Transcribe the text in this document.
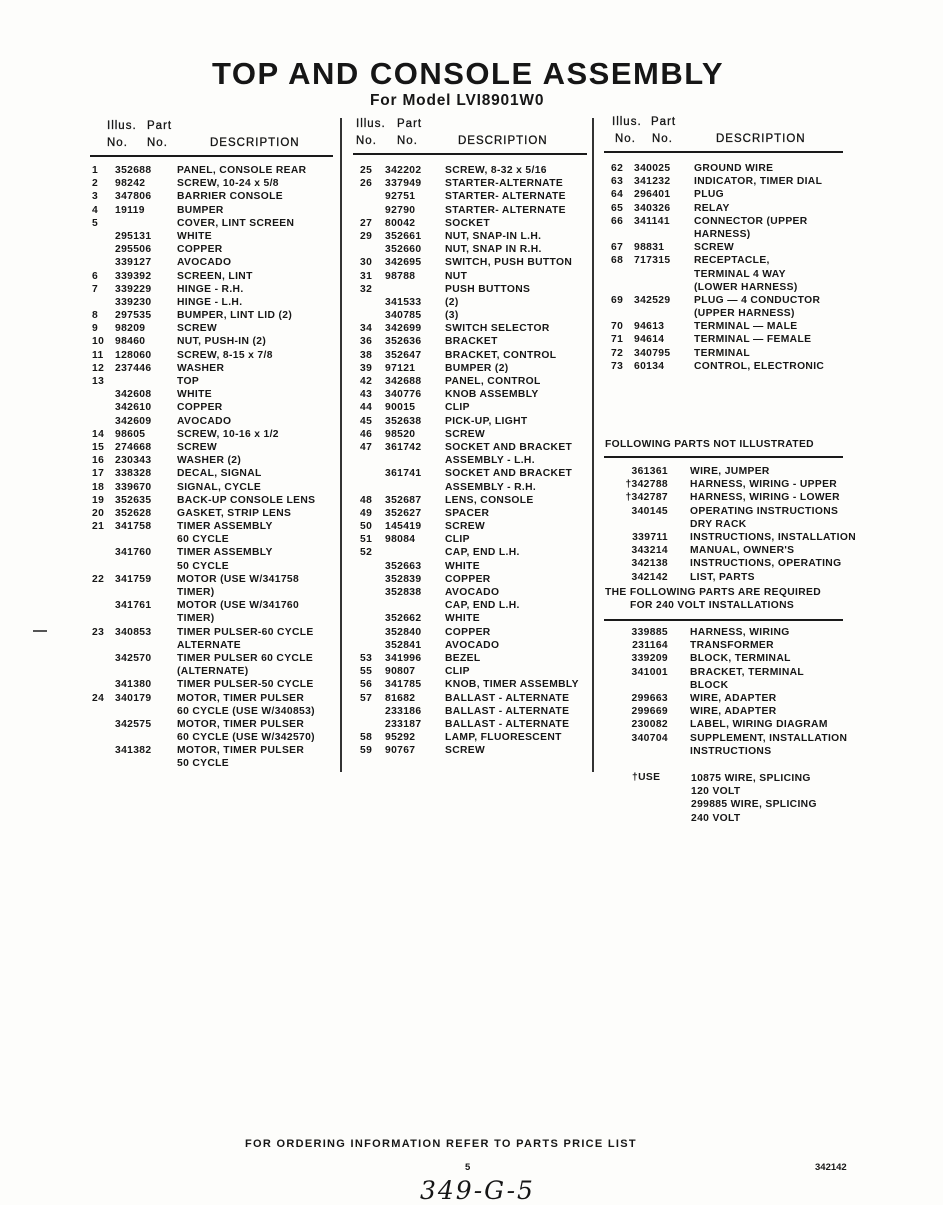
TOP AND CONSOLE ASSEMBLY
For Model LVI8901W0
Illus. Part
No. No.	DESCRIPTION
Illus. Part
No. No.	DESCRIPTION
Illus. Part
No. No.	DESCRIPTION
1 352688 PANEL, CONSOLE REAR
2 98242	SCREW, 10-24 x 5/8
3 347806 BARRIER CONSOLE
4 19119	BUMPER
5	COVER, LINT SCREEN
295131 WHITE
295506 COPPER
339127 AVOCADO
6 339392 SCREEN, LINT
7 339229 HINGE - R.H.
339230 HINGE - L.H.
8 297535 BUMPER, LINT LID (2)
9 98209	SCREW
10 98460	NUT, PUSH-IN (2)
11 128060 SCREW, 8-15 x 7/8
12 237446 WASHER
13	TOP
342608 WHITE
342610 COPPER
342609 AVOCADO
14 98605	SCREW, 10-16 x 1/2
15 274668 SCREW
16 230343 WASHER (2)
17 338328 DECAL, SIGNAL
18 339670 SIGNAL, CYCLE
19 352635 BACK-UP CONSOLE LENS
20 352628 GASKET, STRIP LENS
21 341758 TIMER ASSEMBLY
60 CYCLE
341760 TIMER ASSEMBLY
50 CYCLE
22 341759 MOTOR (USE W/341758
TIMER)
341761 MOTOR (USE W/341760
TIMER)
23 340853 TIMER PULSER-60 CYCLE
ALTERNATE
342570 TIMER PULSER 60 CYCLE
(ALTERNATE)
341380 TIMER PULSER-50 CYCLE
24 340179 MOTOR, TIMER PULSER
60 CYCLE (USE W/340853)
342575 MOTOR, TIMER PULSER
60 CYCLE (USE W/342570)
341382 MOTOR, TIMER PULSER
50 CYCLE
25 342202 SCREW, 8-32 x 5/16
26 337949 STARTER-ALTERNATE
92751	STARTER- ALTERNATE
92790	STARTER- ALTERNATE
27 80042	SOCKET
29 352661 NUT, SNAP-IN L.H.
352660 NUT, SNAP IN R.H.
30 342695 SWITCH, PUSH BUTTON
31 98788	NUT
32	PUSH BUTTONS
341533 (2)
340785 (3)
34 342699 SWITCH SELECTOR
36 352636 BRACKET
38 352647 BRACKET, CONTROL
39 97121	BUMPER (2)
42 342688 PANEL, CONTROL
43 340776 KNOB ASSEMBLY
44 90015	CLIP
45 352638 PICK-UP, LIGHT
46 98520	SCREW
47 361742 SOCKET AND BRACKET
ASSEMBLY - L.H.
361741 SOCKET AND BRACKET
ASSEMBLY - R.H.
48 352687 LENS, CONSOLE
49 352627 SPACER
50 145419 SCREW
51 98084	CLIP
52	CAP, END L.H.
352663 WHITE
352839 COPPER
352838 AVOCADO
CAP, END L.H.
352662 WHITE
352840 COPPER
352841 AVOCADO
53 341996 BEZEL
55 90807	CLIP
56 341785 KNOB, TIMER ASSEMBLY
57 81682	BALLAST - ALTERNATE
233186 BALLAST - ALTERNATE
233187 BALLAST - ALTERNATE
58 95292	LAMP, FLUORESCENT
59 90767	SCREW
62 340025 GROUND WIRE
63 341232 INDICATOR, TIMER DIAL
64 296401 PLUG
65 340326 RELAY
66 341141 CONNECTOR (UPPER
HARNESS)
67 98831	SCREW
68 717315 RECEPTACLE,
TERMINAL 4 WAY
(LOWER HARNESS)
69 342529 PLUG — 4 CONDUCTOR
(UPPER HARNESS)
70 94613	TERMINAL — MALE
71 94614	TERMINAL — FEMALE
72 340795 TERMINAL
73 60134	CONTROL, ELECTRONIC
FOLLOWING PARTS NOT ILLUSTRATED
361361 WIRE, JUMPER
†342788 HARNESS, WIRING - UPPER
†342787 HARNESS, WIRING - LOWER
340145 OPERATING INSTRUCTIONS
DRY RACK
339711 INSTRUCTIONS, INSTALLATION
343214 MANUAL, OWNER'S
342138 INSTRUCTIONS, OPERATING
342142 LIST, PARTS
THE FOLLOWING PARTS ARE REQUIRED
FOR 240 VOLT INSTALLATIONS
339885 HARNESS, WIRING
231164 TRANSFORMER
339209 BLOCK, TERMINAL
341001 BRACKET, TERMINAL
BLOCK
299663 WIRE, ADAPTER
299669 WIRE, ADAPTER
230082 LABEL, WIRING DIAGRAM
340704 SUPPLEMENT, INSTALLATION
INSTRUCTIONS
†USE	10875 WIRE, SPLICING
120 VOLT
299885 WIRE, SPLICING
240 VOLT
FOR ORDERING INFORMATION REFER TO PARTS PRICE LIST
5	342142
349-G-5
